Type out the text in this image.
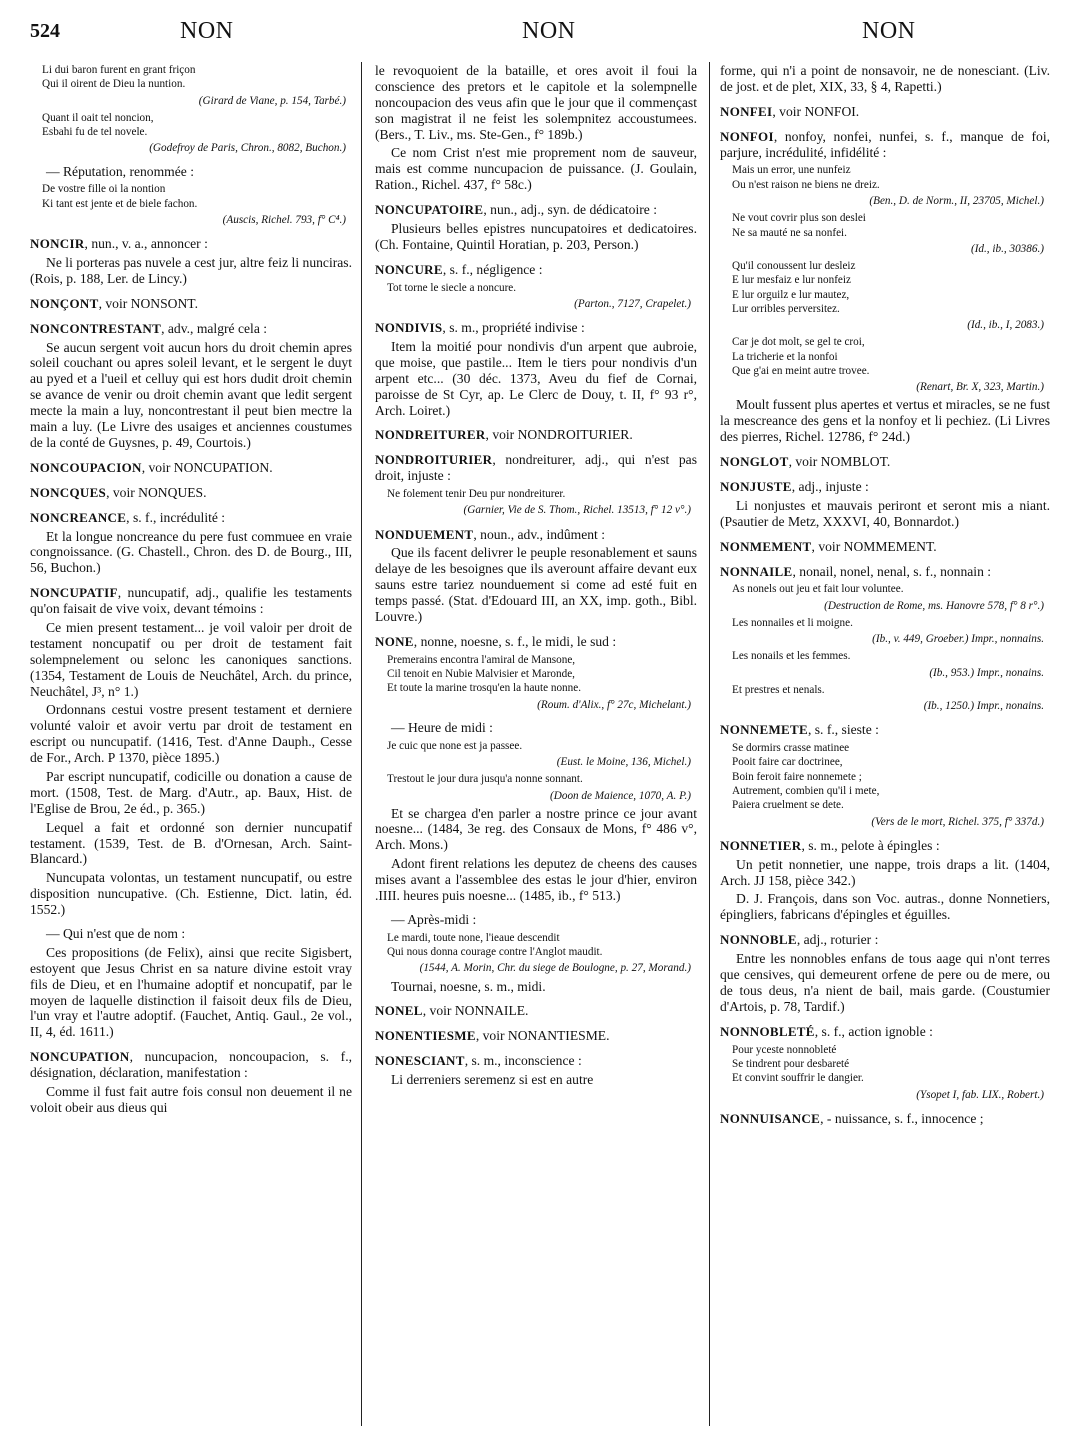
524	NON	NON	NON
Li dui baron furent en grant friçon
Qui il oirent de Dieu la nuntion.
(Girard de Viane, p. 154, Tarbé.)
Quant il oait tel noncion,
Esbahi fu de tel novele.
(Godefroy de Paris, Chron., 8082, Buchon.)
— Réputation, renommée :
De vostre fille oi la nontion
Ki tant est jente et de biele fachon.
(Auscis, Richel. 793, f° C⁴.)
NONCIR, nun., v. a., annoncer :

Ne li porteras pas nuvele a cest jur, altre feiz li nunciras. (Rois, p. 188, Ler. de Lincy.)

NONÇONT, voir NONSONT.
NONCONTRESTANT, adv., malgré cela :

Se aucun sergent voit aucun hors du droit chemin apres soleil couchant ou apres soleil levant, et le sergent le duyt au pyed et a l'ueil et celluy qui est hors dudit droit chemin se avance de venir ou droit chemin avant que ledit sergent mecte la main a luy, noncontrestant il peut bien mectre la main a luy. (Le Livre des usaiges et anciennes coustumes de la conté de Guysnes, p. 49, Courtois.)

NONCOUPACION, voir NONCUPATION.
NONCQUES, voir NONQUES.
NONCREANCE, s. f., incrédulité :

Et la longue noncreance du pere fust commuee en vraie congnoissance. (G. Chastell., Chron. des D. de Bourg., III, 56, Buchon.)

NONCUPATIF, nuncupatif, adj., qualifie les testaments qu'on faisait de vive voix, devant témoins :

Ce mien present testament... je voil valoir per droit de testament noncupatif ou per droit de testament fait solempnelement ou selonc les canoniques sanctions. (1354, Testament de Louis de Neuchâtel, Arch. du prince, Neuchâtel, J³, n° 1.)

Ordonnans cestui vostre present testament et derniere volunté valoir et avoir vertu par droit de testament en escript ou nuncupatif. (1416, Test. d'Anne Dauph., Cesse de For., Arch. P 1370, pièce 1895.)

Par escript nuncupatif, codicille ou donation a cause de mort. (1508, Test. de Marg. d'Autr., ap. Baux, Hist. de l'Eglise de Brou, 2e éd., p. 365.)

Lequel a fait et ordonné son dernier nuncupatif testament. (1539, Test. de B. d'Ornesan, Arch. Saint-Blancard.)

Nuncupata volontas, un testament nuncupatif, ou estre disposition nuncupative. (Ch. Estienne, Dict. latin, éd. 1552.)

— Qui n'est que de nom :

Ces propositions (de Felix), ainsi que recite Sigisbert, estoyent que Jesus Christ en sa nature divine estoit vray fils de Dieu, et en l'humaine adoptif et noncupatif, par le moyen de laquelle distinction il faisoit deux fils de Dieu, l'un vray et l'autre adoptif. (Fauchet, Antiq. Gaul., 2e vol., II, 4, éd. 1611.)

NONCUPATION, nuncupacion, noncoupacion, s. f., désignation, déclaration, manifestation :

Comme il fust fait autre fois consul non deuement il ne voloit obeir aus dieus qui

le revoquoient de la bataille, et ores avoit il foui la conscience des pretors et le capitole et la solempnelle noncoupacion des veus afin que le jour que il commençast son magistrat il ne feist les solempnitez accoustumees. (Bers., T. Liv., ms. Ste-Gen., f° 189b.)

Ce nom Crist n'est mie proprement nom de sauveur, mais est comme nuncupacion de puissance. (J. Goulain, Ration., Richel. 437, f° 58c.)

NONCUPATOIRE, nun., adj., syn. de dédicatoire :

Plusieurs belles epistres nuncupatoires et dedicatoires. (Ch. Fontaine, Quintil Horatian, p. 203, Person.)

NONCURE, s. f., négligence :
Tot torne le siecle a noncure.
(Parton., 7127, Crapelet.)
NONDIVIS, s. m., propriété indivise :

Item la moitié pour nondivis d'un arpent que aubroie, que moise, que pastile... Item le tiers pour nondivis d'un arpent etc... (30 déc. 1373, Aveu du fief de Cornai, paroisse de St Cyr, ap. Le Clerc de Douy, t. II, f° 93 r°, Arch. Loiret.)

NONDREITURER, voir NONDROITURIER.
NONDROITURIER, nondreiturer, adj., qui n'est pas droit, injuste :
Ne folement tenir Deu pur nondreiturer.
(Garnier, Vie de S. Thom., Richel. 13513, f° 12 v°.)
NONDUEMENT, noun., adv., indûment :

Que ils facent delivrer le peuple resonablement et sauns delaye de les besoignes que ils averount affaire devant eux sauns estre tariez nounduement si come ad esté fuit en temps passé. (Stat. d'Edouard III, an XX, imp. goth., Bibl. Louvre.)

NONE, nonne, noesne, s. f., le midi, le sud :
Premerains encontra l'amiral de Mansone,
Cil tenoit en Nubie Malvisier et Maronde,
Et toute la marine trosqu'en la haute nonne.
(Roum. d'Alix., f° 27c, Michelant.)
— Heure de midi :
Je cuic que none est ja passee.
(Eust. le Moine, 136, Michel.)
Trestout le jour dura jusqu'a nonne sonnant.
(Doon de Maience, 1070, A. P.)

Et se chargea d'en parler a nostre prince ce jour avant noesne... (1484, 3e reg. des Consaux de Mons, f° 486 v°, Arch. Mons.)

Adont firent relations les deputez de cheens des causes mises avant a l'assemblee des estas le jour d'hier, environ .IIII. heures puis noesne... (1485, ib., f° 513.)

— Après-midi :
Le mardi, toute none, l'ieaue descendit
Qui nous donna courage contre l'Anglot maudit.
(1544, A. Morin, Chr. du siege de Boulogne, p. 27, Morand.)

Tournai, noesne, s. m., midi.

NONEL, voir NONNAILE.
NONENTIESME, voir NONANTIESME.
NONESCIANT, s. m., inconscience :

Li derreniers seremenz si est en autre

forme, qui n'i a point de nonsavoir, ne de nonesciant. (Liv. de jost. et de plet, XIX, 33, § 4, Rapetti.)

NONFEI, voir NONFOI.
NONFOI, nonfoy, nonfei, nunfei, s. f., manque de foi, parjure, incrédulité, infidélité :
Mais un error, une nunfeiz
Ou n'est raison ne biens ne dreiz.
(Ben., D. de Norm., II, 23705, Michel.)
Ne vout covrir plus son deslei
Ne sa mauté ne sa nonfei.
(Id., ib., 30386.)
Qu'il conoussent lur desleiz
E lur mesfaiz e lur nonfeiz
E lur orguilz e lur mautez,
Lur orribles perversitez.
(Id., ib., I, 2083.)
Car je dot molt, se gel te croi,
La tricherie et la nonfoi
Que g'ai en meint autre trovee.
(Renart, Br. X, 323, Martin.)

Moult fussent plus apertes et vertus et miracles, se ne fust la mescreance des gens et la nonfoy et li pechiez. (Li Livres des pierres, Richel. 12786, f° 24d.)

NONGLOT, voir NOMBLOT.
NONJUSTE, adj., injuste :

Li nonjustes et mauvais periront et seront mis a niant. (Psautier de Metz, XXXVI, 40, Bonnardot.)

NONMEMENT, voir NOMMEMENT.
NONNAILE, nonail, nonel, nenal, s. f., nonnain :
As nonels out jeu et fait lour voluntee.
(Destruction de Rome, ms. Hanovre 578, f° 8 r°.)
Les nonnailes et li moigne.
(Ib., v. 449, Groeber.) Impr., nonnains.
Les nonails et les femmes.
(Ib., 953.) Impr., nonains.
Et prestres et nenals.
(Ib., 1250.) Impr., nonains.
NONNEMETE, s. f., sieste :
Se dormirs crasse matinee
Pooit faire car doctrinee,
Boin feroit faire nonnemete ;
Autrement, combien qu'il i mete,
Paiera cruelment se dete.
(Vers de le mort, Richel. 375, f° 337d.)
NONNETIER, s. m., pelote à épingles :

Un petit nonnetier, une nappe, trois draps a lit. (1404, Arch. JJ 158, pièce 342.)

D. J. François, dans son Voc. autras., donne Nonnetiers, épingliers, fabricans d'épingles et éguilles.

NONNOBLE, adj., roturier :

Entre les nonnobles enfans de tous aage qui n'ont terres que censives, qui demeurent orfene de pere ou de mere, ou de tous deus, n'a nient de bail, mais garde. (Coustumier d'Artois, p. 78, Tardif.)

NONNOBLETÉ, s. f., action ignoble :
Pour yceste nonnobleté
Se tindrent pour desbareté
Et convint souffrir le dangier.
(Ysopet I, fab. LIX., Robert.)
NONNUISANCE, - nuissance, s. f., innocence ;
